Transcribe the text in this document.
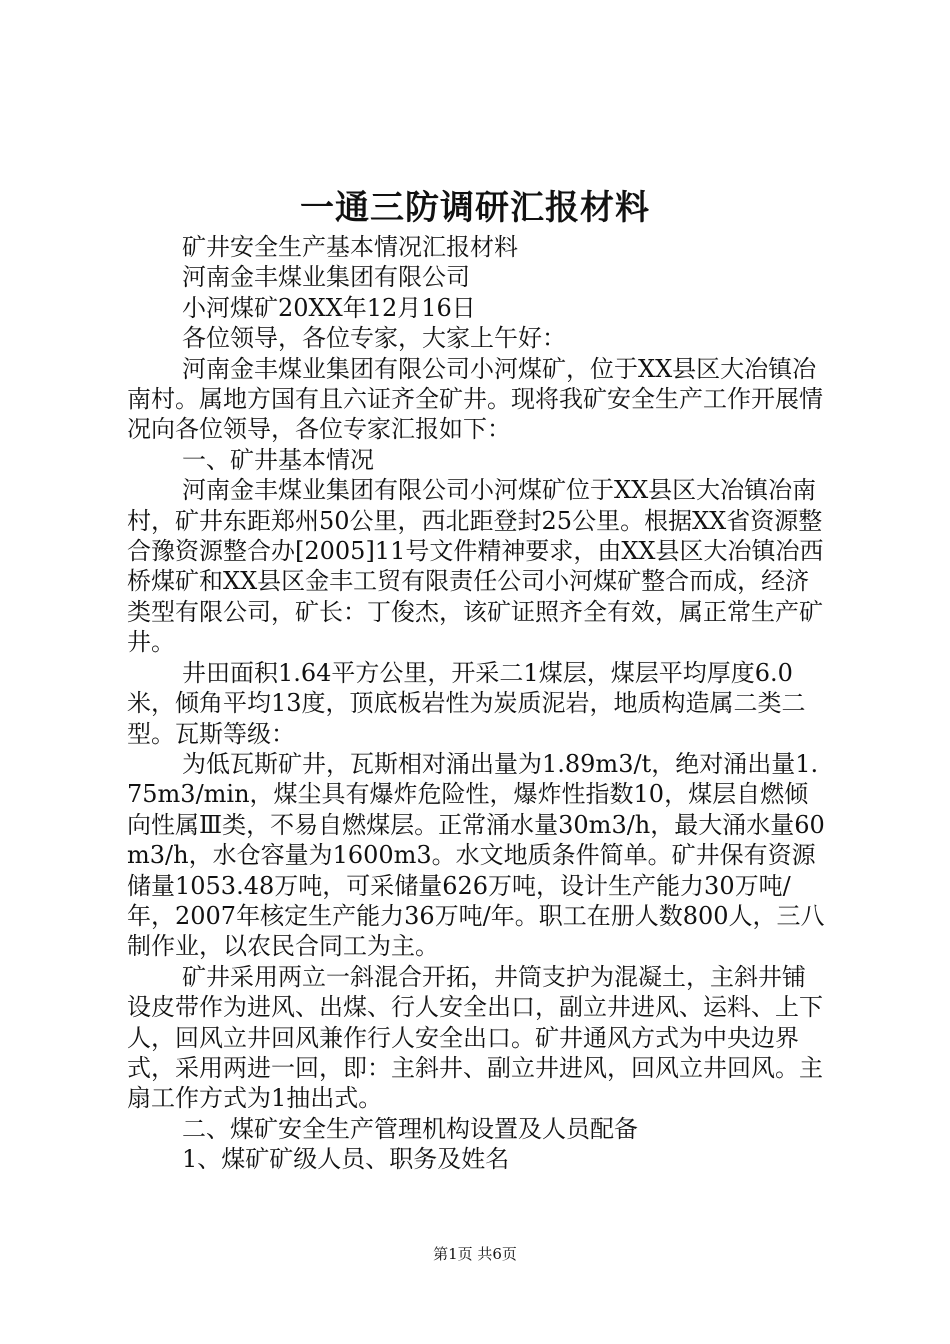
一通三防调研汇报材料

矿井安全生产基本情况汇报材料

河南金丰煤业集团有限公司

小河煤矿20XX年12月16日

各位领导，各位专家，大家上午好：

河南金丰煤业集团有限公司小河煤矿，位于XX县区大冶镇冶南村。属地方国有且六证齐全矿井。现将我矿安全生产工作开展情况向各位领导，各位专家汇报如下：

一、矿井基本情况

河南金丰煤业集团有限公司小河煤矿位于XX县区大冶镇冶南村，矿井东距郑州50公里，西北距登封25公里。根据XX省资源整合豫资源整合办[2005]11号文件精神要求，由XX县区大冶镇冶西桥煤矿和XX县区金丰工贸有限责任公司小河煤矿整合而成，经济类型有限公司，矿长：丁俊杰，该矿证照齐全有效，属正常生产矿井。

井田面积1.64平方公里，开采二1煤层，煤层平均厚度6.0米，倾角平均13度，顶底板岩性为炭质泥岩，地质构造属二类二型。瓦斯等级：

为低瓦斯矿井，瓦斯相对涌出量为1.89m3/t，绝对涌出量1.75m3/min，煤尘具有爆炸危险性，爆炸性指数10，煤层自燃倾向性属Ⅲ类，不易自燃煤层。正常涌水量30m3/h，最大涌水量60m3/h，水仓容量为1600m3。水文地质条件简单。矿井保有资源储量1053.48万吨，可采储量626万吨，设计生产能力30万吨/年，2007年核定生产能力36万吨/年。职工在册人数800人，三八制作业，以农民合同工为主。

矿井采用两立一斜混合开拓，井筒支护为混凝土，主斜井铺设皮带作为进风、出煤、行人安全出口，副立井进风、运料、上下人，回风立井回风兼作行人安全出口。矿井通风方式为中央边界式，采用两进一回，即：主斜井、副立井进风，回风立井回风。主扇工作方式为1抽出式。

二、煤矿安全生产管理机构设置及人员配备

1、煤矿矿级人员、职务及姓名

第1页 共6页
